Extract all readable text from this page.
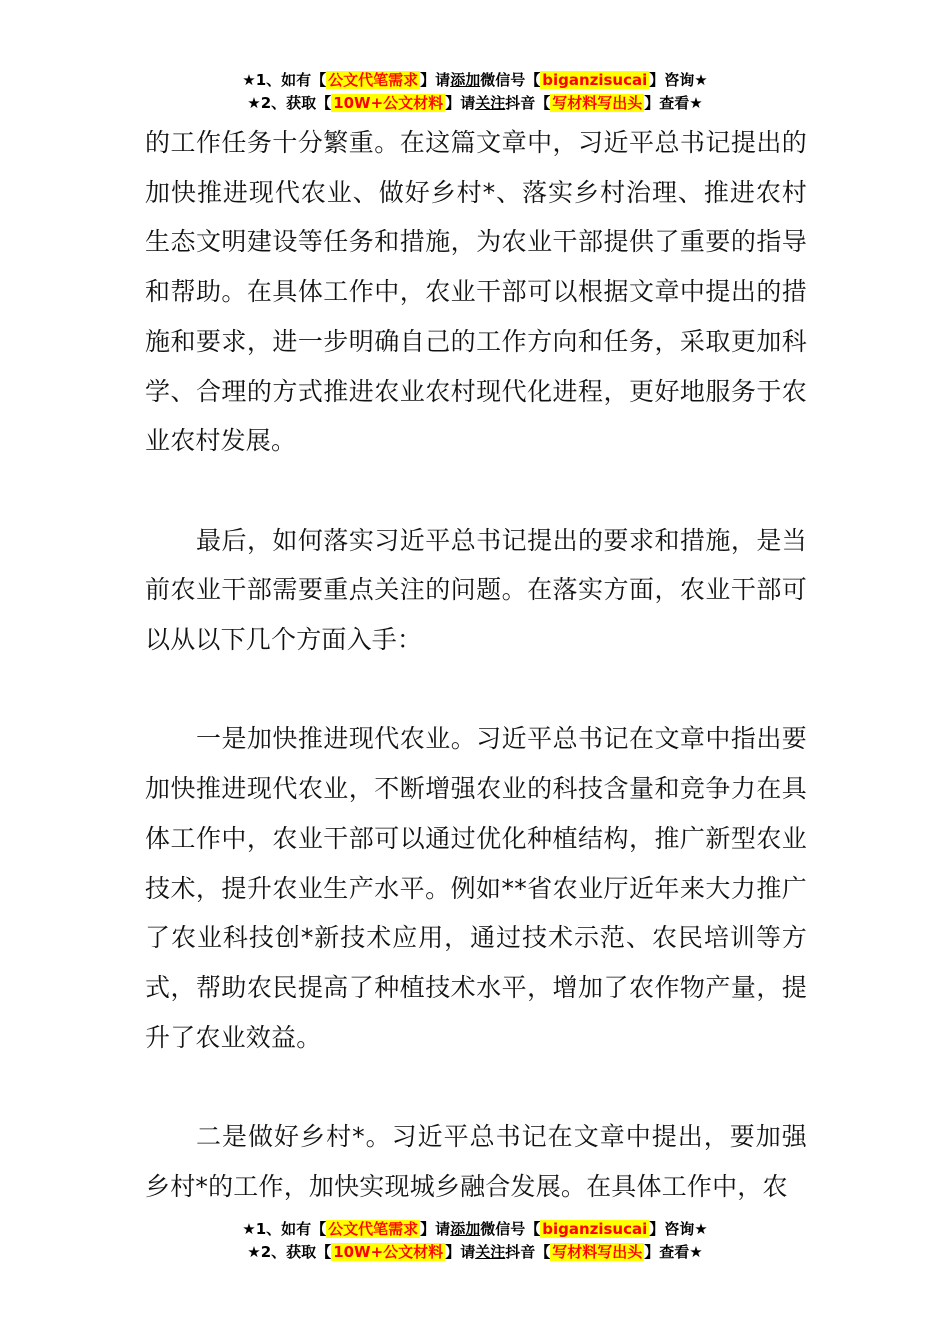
★1、如有【 公文代笔需求 】请添加微信号【 biganzisucai 】咨询★
★2、获取【 10W+公文材料 】请关注抖音【 写材料写出头 】查看★

的工作任务十分繁重。在这篇文章中，习近平总书记提出的加快推进现代农业、做好乡村*、落实乡村治理、推进农村生态文明建设等任务和措施，为农业干部提供了重要的指导和帮助。在具体工作中，农业干部可以根据文章中提出的措施和要求，进一步明确自己的工作方向和任务，采取更加科学、合理的方式推进农业农村现代化进程，更好地服务于农业农村发展。

最后，如何落实习近平总书记提出的要求和措施，是当前农业干部需要重点关注的问题。在落实方面，农业干部可以从以下几个方面入手：

一是加快推进现代农业。习近平总书记在文章中指出要加快推进现代农业，不断增强农业的科技含量和竞争力在具体工作中，农业干部可以通过优化种植结构，推广新型农业技术，提升农业生产水平。例如**省农业厅近年来大力推广了农业科技创*新技术应用，通过技术示范、农民培训等方式，帮助农民提高了种植技术水平，增加了农作物产量，提升了农业效益。

二是做好乡村*。习近平总书记在文章中提出，要加强乡村*的工作，加快实现城乡融合发展。在具体工作中，农

★1、如有【 公文代笔需求 】请添加微信号【 biganzisucai 】咨询★
★2、获取【 10W+公文材料 】请关注抖音【 写材料写出头 】查看★
